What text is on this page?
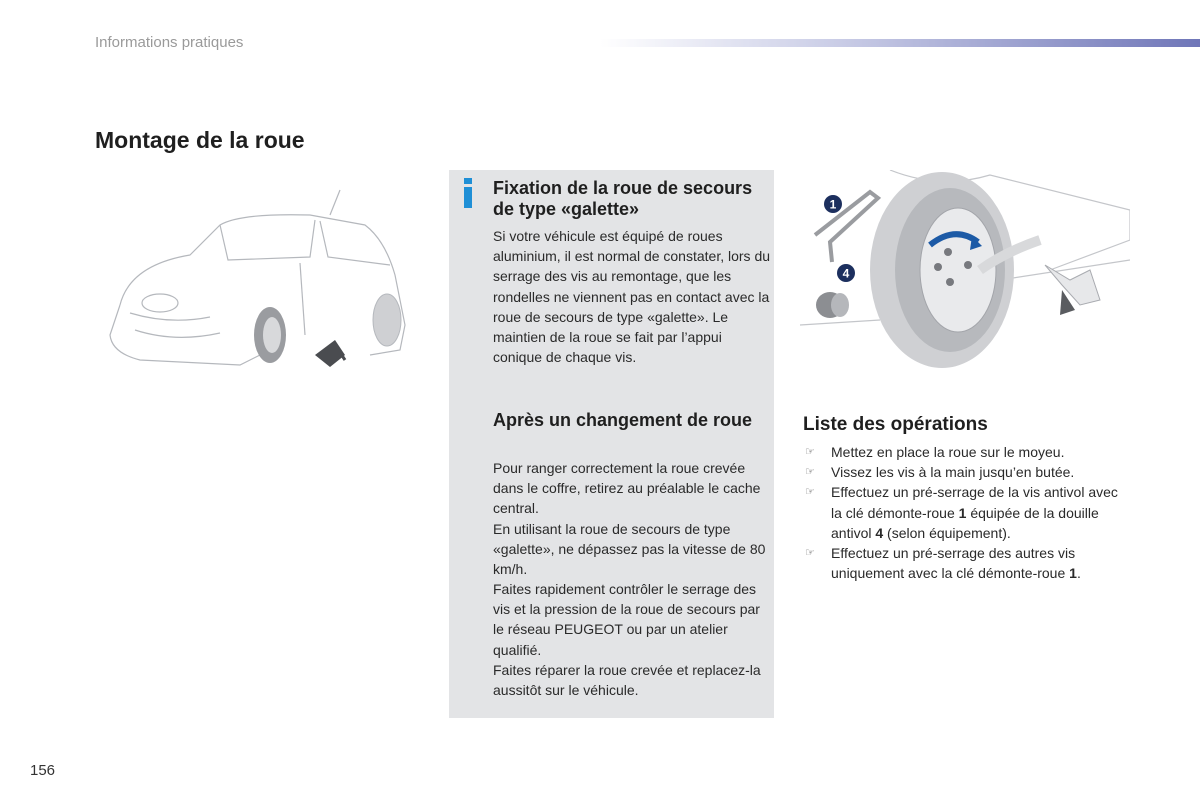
Informations pratiques
Montage de la roue
Fixation de la roue de secours de type «galette»

Si votre véhicule est équipé de roues aluminium, il est normal de constater, lors du serrage des vis au remontage, que les rondelles ne viennent pas en contact avec la roue de secours de type «galette». Le maintien de la roue se fait par l’appui conique de chaque vis.

Après un changement de roue

Pour ranger correctement la roue crevée dans le coffre, retirez au préalable le cache central.

En utilisant la roue de secours de type «galette», ne dépassez pas la vitesse de 80 km/h.

Faites rapidement contrôler le serrage des vis et la pression de la roue de secours par le réseau PEUGEOT ou par un atelier qualifié.

Faites réparer la roue crevée et replacez-la aussitôt sur le véhicule.

1
4
Liste des opérations
☞ Mettez en place la roue sur le moyeu.
☞ Vissez les vis à la main jusqu’en butée.
☞ Effectuez un pré-serrage de la vis antivol avec la clé démonte-roue 1 équipée de la douille antivol 4 (selon équipement).
☞ Effectuez un pré-serrage des autres vis uniquement avec la clé démonte-roue 1.
156
